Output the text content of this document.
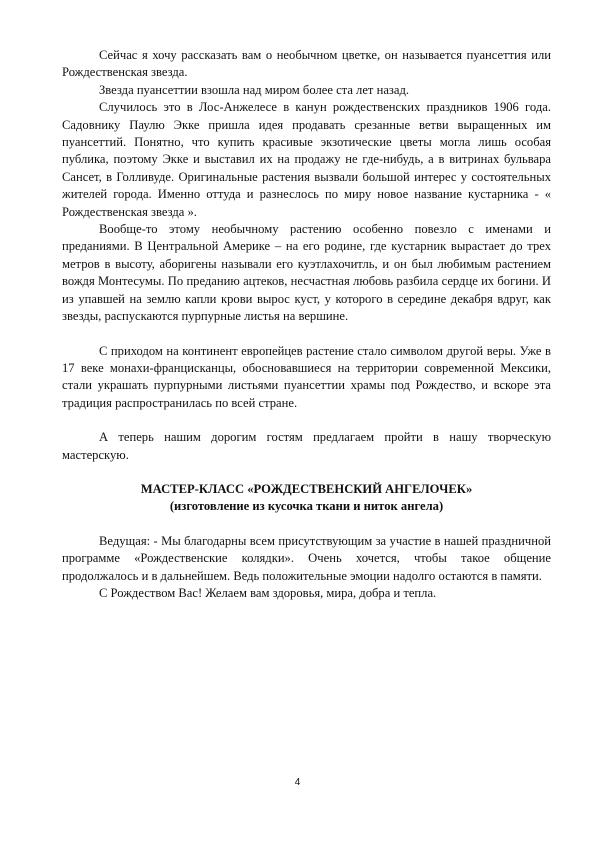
Сейчас я хочу рассказать вам о необычном цветке, он называется пуансеттия или Рождественская звезда.

Звезда пуансеттии взошла над миром более ста лет назад.

Случилось это в Лос-Анжелесе в канун рождественских праздников 1906 года. Садовнику Паулю Экке пришла идея продавать срезанные ветви выращенных им пуансеттий. Понятно, что купить красивые экзотические цветы могла лишь особая публика, поэтому Экке и выставил их на продажу не где-нибудь, а в витринах бульвара Сансет, в Голливуде. Оригинальные растения вызвали большой интерес у состоятельных жителей города. Именно оттуда и разнеслось по миру новое название кустарника - « Рождественская звезда ».

Вообще-то этому необычному растению особенно повезло с именами и преданиями. В Центральной Америке – на его родине, где кустарник вырастает до трех метров в высоту, аборигены называли его куэтлахочитль, и он был любимым растением вождя Монтесумы. По преданию ацтеков, несчастная любовь разбила сердце их богини. И из упавшей на землю капли крови вырос куст, у которого в середине декабря вдруг, как звезды, распускаются пурпурные листья на вершине.

С приходом на континент европейцев растение стало символом другой веры. Уже в 17 веке монахи-францисканцы, обосновавшиеся на территории современной Мексики, стали украшать пурпурными листьями пуансеттии храмы под Рождество, и вскоре эта традиция распространилась по всей стране.

А теперь нашим дорогим гостям предлагаем пройти в нашу творческую мастерскую.

МАСТЕР-КЛАСС «РОЖДЕСТВЕНСКИЙ АНГЕЛОЧЕК»

(изготовление из кусочка ткани и ниток ангела)

Ведущая: - Мы благодарны всем присутствующим за участие в нашей праздничной программе «Рождественские колядки». Очень хочется, чтобы такое общение продолжалось и в дальнейшем. Ведь положительные эмоции надолго остаются в памяти.

С Рождеством Вас! Желаем вам здоровья, мира, добра и тепла.

4
